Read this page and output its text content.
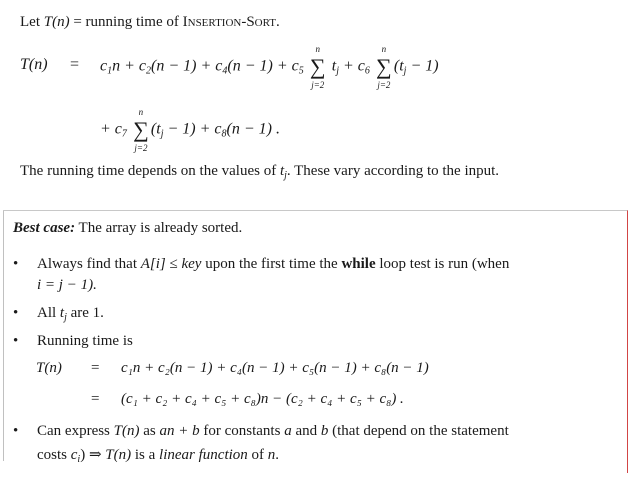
Let T(n) = running time of Insertion-Sort.
$T(n) = c_1n + c_2(n - 1) + c_4(n - 1) + c_5$
n
∑
j=2
$t_j + c_6$
n
∑
j=2
$(t_j - 1)$
+ $c_7$
n
∑
j=2
$(t_j - 1) + c_8(n - 1)$ .
The running time depends on the values of $t_j$. These vary according to the input.
Best case: The array is already sorted.
•	Always find that A[i] ≤ key upon the first time the while loop test is run (when
i = j − 1).
•	All $t_j$ are 1.
•	Running time is
T(n) = c₁n + c₂(n − 1) + c₄(n − 1) + c₅(n − 1) + c₈(n − 1)
= (c₁ + c₂ + c₄ + c₅ + c₈)n − (c₂ + c₄ + c₅ + c₈) .
•	Can express T(n) as an + b for constants a and b (that depend on the statement
costs $c_i$) ⇒ T(n) is a linear function of n.
